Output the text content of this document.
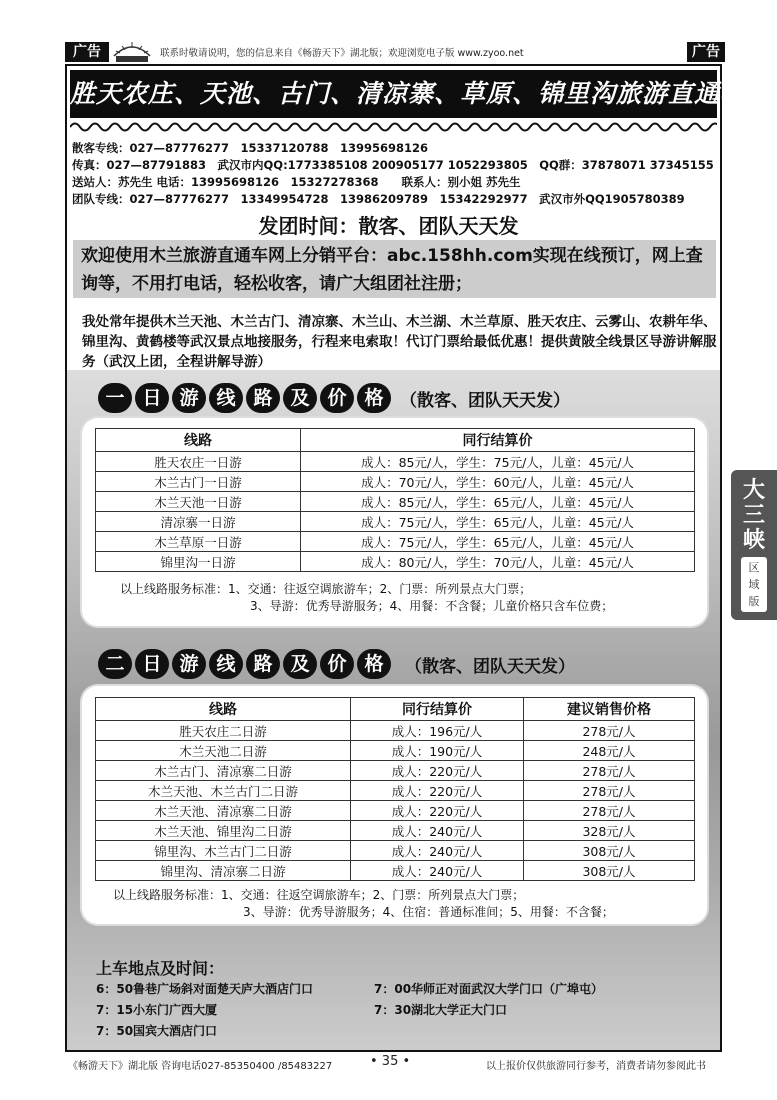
广告	联系时敬请说明，您的信息来自《畅游天下》湖北版；欢迎浏览电子版 www.zyoo.net	广告
胜天农庄、天池、古门、清凉寨、草原、锦里沟旅游直通车
散客专线：027—87776277　15337120788　13995698126
传真：027—87791883　武汉市内QQ:1773385108 200905177 1052293805　QQ群：37878071 37345155
送站人：苏先生 电话：13995698126　15327278368　　联系人：别小姐 苏先生
团队专线：027—87776277　13349954728　13986209789　15342292977　武汉市外QQ1905780389
发团时间：散客、团队天天发
欢迎使用木兰旅游直通车网上分销平台：abc.158hh.com实现在线预订，网上查询等，不用打电话，轻松收客，请广大组团社注册；
我处常年提供木兰天池、木兰古门、清凉寨、木兰山、木兰湖、木兰草原、胜天农庄、云雾山、农耕年华、锦里沟、黄鹤楼等武汉景点地接服务，行程来电索取！代订门票给最低优惠！提供黄陂全线景区导游讲解服务（武汉上团，全程讲解导游）
一 日 游 线 路 及 价 格 （散客、团队天天发）
线路	同行结算价
胜天农庄一日游	成人：85元/人，学生：75元/人，儿童：45元/人
木兰古门一日游	成人：70元/人，学生：60元/人，儿童：45元/人
木兰天池一日游	成人：85元/人，学生：65元/人，儿童：45元/人
清凉寨一日游	成人：75元/人，学生：65元/人，儿童：45元/人
木兰草原一日游	成人：75元/人，学生：65元/人，儿童：45元/人
锦里沟一日游	成人：80元/人，学生：70元/人，儿童：45元/人
以上线路服务标准：1、交通：往返空调旅游车；2、门票：所列景点大门票；
3、导游：优秀导游服务；4、用餐：不含餐；儿童价格只含车位费；
二 日 游 线 路 及 价 格	（散客、团队天天发）
线路	同行结算价	建议销售价格
胜天农庄二日游	成人：196元/人	278元/人
木兰天池二日游	成人：190元/人	248元/人
木兰古门、清凉寨二日游	成人：220元/人	278元/人
木兰天池、木兰古门二日游	成人：220元/人	278元/人
木兰天池、清凉寨二日游	成人：220元/人	278元/人
木兰天池、锦里沟二日游	成人：240元/人	328元/人
锦里沟、木兰古门二日游	成人：240元/人	308元/人
锦里沟、清凉寨二日游	成人：240元/人	308元/人
以上线路服务标准：1、交通：往返空调旅游车；2、门票：所列景点大门票；
3、导游：优秀导游服务；4、住宿：普通标准间；5、用餐：不含餐；
上车地点及时间：
6：50鲁巷广场斜对面楚天庐大酒店门口	7：00华师正对面武汉大学门口（广埠屯）
7：15小东门广西大厦	7：30湖北大学正大门口
7：50国宾大酒店门口
大
三
峡
区
域
版
《畅游天下》湖北版 咨询电话027-85350400 /85483227	• 35 •	以上报价仅供旅游同行参考，消费者请勿参阅此书
